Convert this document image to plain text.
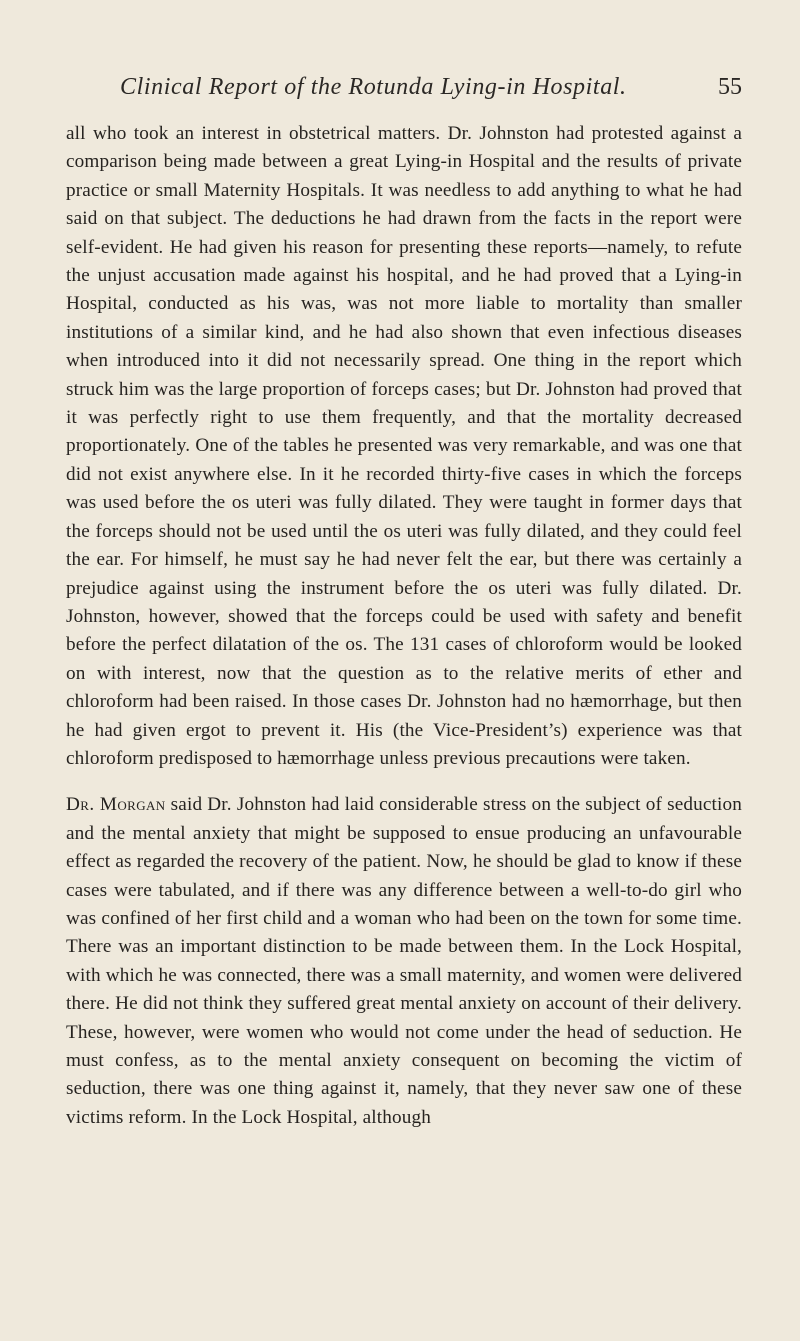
Clinical Report of the Rotunda Lying-in Hospital.	55

all who took an interest in obstetrical matters. Dr. Johnston had protested against a comparison being made between a great Lying-in Hospital and the results of private practice or small Maternity Hospitals. It was needless to add anything to what he had said on that subject. The deductions he had drawn from the facts in the report were self-evident. He had given his reason for presenting these reports—namely, to refute the unjust accusation made against his hospital, and he had proved that a Lying-in Hospital, conducted as his was, was not more liable to mortality than smaller institutions of a similar kind, and he had also shown that even infectious diseases when introduced into it did not necessarily spread. One thing in the report which struck him was the large proportion of forceps cases; but Dr. Johnston had proved that it was perfectly right to use them frequently, and that the mortality decreased proportionately. One of the tables he presented was very remarkable, and was one that did not exist anywhere else. In it he recorded thirty-five cases in which the forceps was used before the os uteri was fully dilated. They were taught in former days that the forceps should not be used until the os uteri was fully dilated, and they could feel the ear. For himself, he must say he had never felt the ear, but there was certainly a prejudice against using the instrument before the os uteri was fully dilated. Dr. Johnston, however, showed that the forceps could be used with safety and benefit before the perfect dilatation of the os. The 131 cases of chloroform would be looked on with interest, now that the question as to the relative merits of ether and chloroform had been raised. In those cases Dr. Johnston had no hæmorrhage, but then he had given ergot to prevent it. His (the Vice-President’s) experience was that chloroform predisposed to hæmorrhage unless previous precautions were taken.

Dr. Morgan said Dr. Johnston had laid considerable stress on the subject of seduction and the mental anxiety that might be supposed to ensue producing an unfavourable effect as regarded the recovery of the patient. Now, he should be glad to know if these cases were tabulated, and if there was any difference between a well-to-do girl who was confined of her first child and a woman who had been on the town for some time. There was an important distinction to be made between them. In the Lock Hospital, with which he was connected, there was a small maternity, and women were delivered there. He did not think they suffered great mental anxiety on account of their delivery. These, however, were women who would not come under the head of seduction. He must confess, as to the mental anxiety consequent on becoming the victim of seduction, there was one thing against it, namely, that they never saw one of these victims reform. In the Lock Hospital, although
